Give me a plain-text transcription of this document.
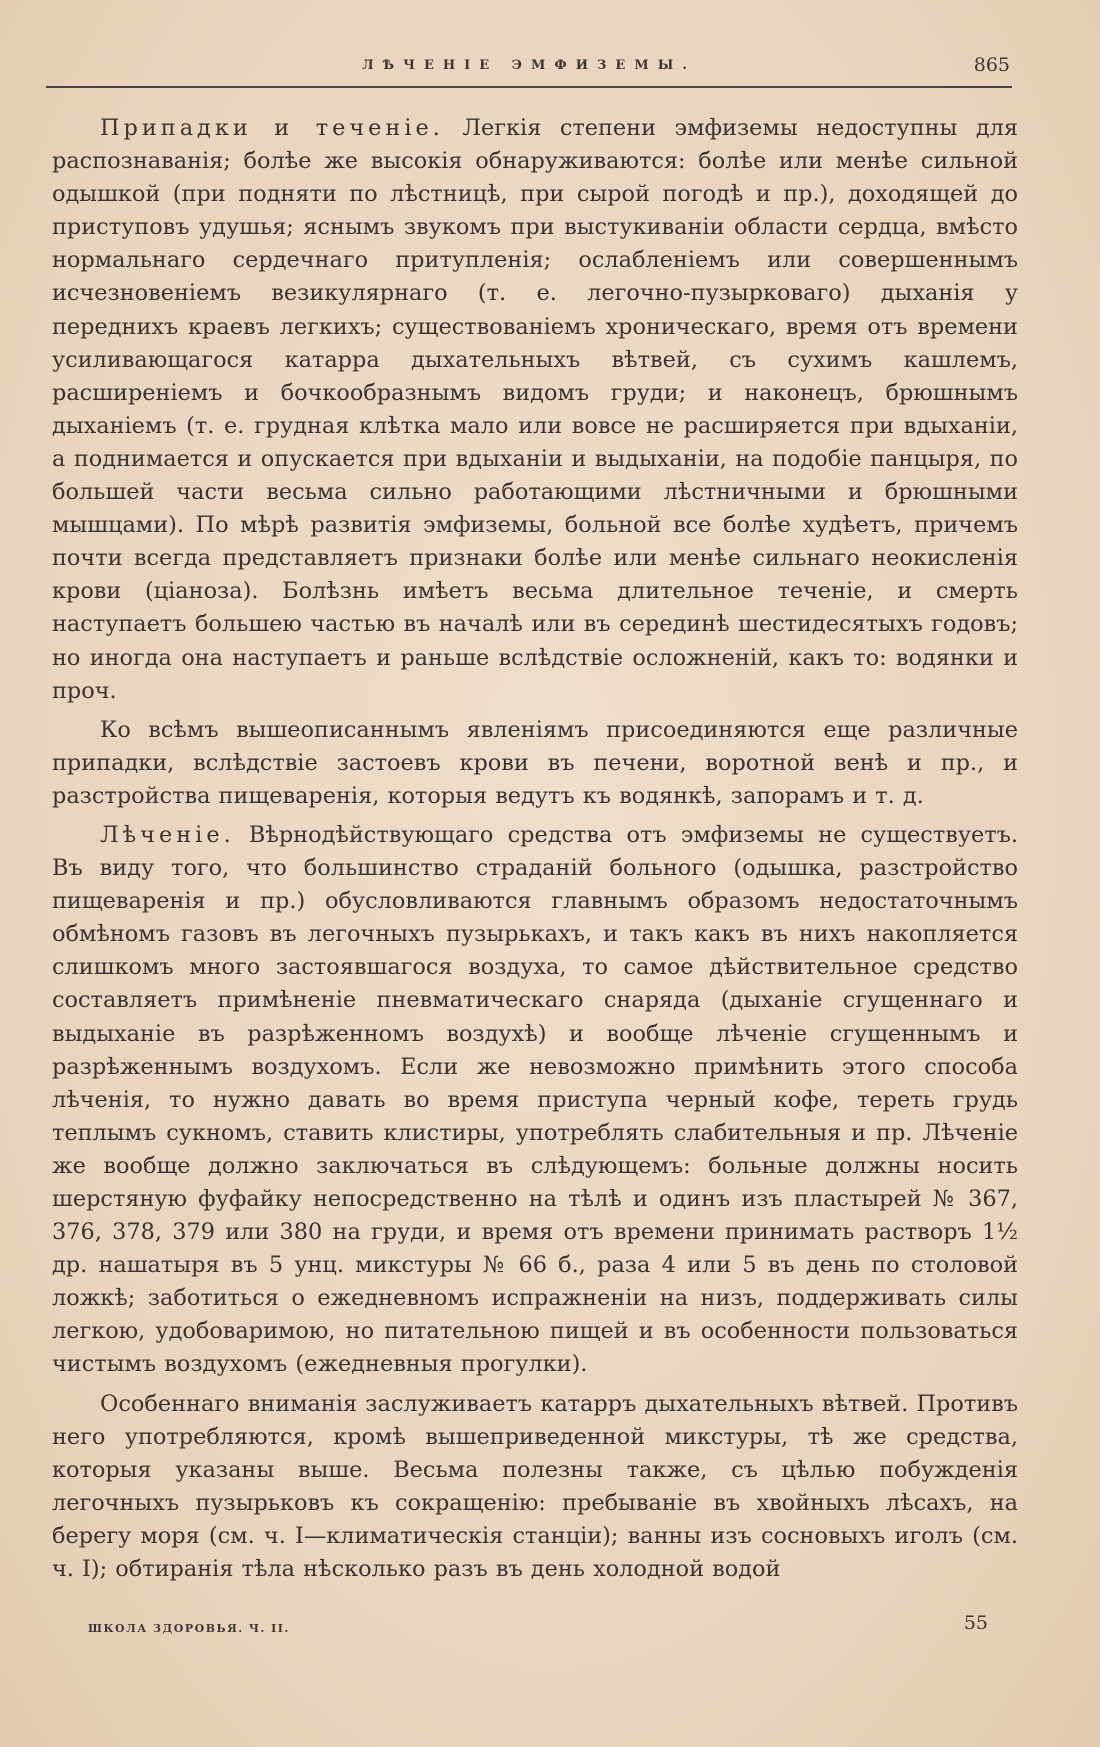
ЛѢЧЕНІЕ ЭМФИЗЕМЫ.	865

Припадки и теченіе. Легкія степени эмфиземы недоступны для распознаванія; болѣе же высокія обнаруживаются: болѣе или менѣе сильной одышкой (при подняти по лѣстницѣ, при сырой погодѣ и пр.), доходящей до приступовъ удушья; яснымъ звукомъ при выстукиваніи области сердца, вмѣсто нормальнаго сердечнаго притупленія; ослабленіемъ или совершеннымъ исчезновеніемъ везикулярнаго (т. е. легочно-пузырковаго) дыханія у переднихъ краевъ легкихъ; существованіемъ хроническаго, время отъ времени усиливающагося катарра дыхательныхъ вѣтвей, съ сухимъ кашлемъ, расширеніемъ и бочкообразнымъ видомъ груди; и наконецъ, брюшнымъ дыханіемъ (т. е. грудная клѣтка мало или вовсе не расширяется при вдыханіи, а поднимается и опускается при вдыханіи и выдыханіи, на подобіе панцыря, по большей части весьма сильно работающими лѣстничными и брюшными мышцами). По мѣрѣ развитія эмфиземы, больной все болѣе худѣетъ, причемъ почти всегда представляетъ признаки болѣе или менѣе сильнаго неокисленія крови (ціаноза). Болѣзнь имѣетъ весьма длительное теченіе, и смерть наступаетъ большею частью въ началѣ или въ серединѣ шестидесятыхъ годовъ; но иногда она наступаетъ и раньше вслѣдствіе осложненій, какъ то: водянки и проч.

Ко всѣмъ вышеописаннымъ явленіямъ присоединяются еще различные припадки, вслѣдствіе застоевъ крови въ печени, воротной венѣ и пр., и разстройства пищеваренія, которыя ведутъ къ водянкѣ, запорамъ и т. д.

Лѣченіе. Вѣрнодѣйствующаго средства отъ эмфиземы не существуетъ. Въ виду того, что большинство страданій больного (одышка, разстройство пищеваренія и пр.) обусловливаются главнымъ образомъ недостаточнымъ обмѣномъ газовъ въ легочныхъ пузырькахъ, и такъ какъ въ нихъ накопляется слишкомъ много застоявшагося воздуха, то самое дѣйствительное средство составляетъ примѣненіе пневматическаго снаряда (дыханіе сгущеннаго и выдыханіе въ разрѣженномъ воздухѣ) и вообще лѣченіе сгущеннымъ и разрѣженнымъ воздухомъ. Если же невозможно примѣнить этого способа лѣченія, то нужно давать во время приступа черный кофе, тереть грудь теплымъ сукномъ, ставить клистиры, употреблять слабительныя и пр. Лѣченіе же вообще должно заключаться въ слѣдующемъ: больные должны носить шерстяную фуфайку непосредственно на тѣлѣ и одинъ изъ пластырей № 367, 376, 378, 379 или 380 на груди, и время отъ времени принимать растворъ 1½ др. нашатыря въ 5 унц. микстуры № 66 б., раза 4 или 5 въ день по столовой ложкѣ; заботиться о ежедневномъ испражненіи на низъ, поддерживать силы легкою, удобоваримою, но питательною пищей и въ особенности пользоваться чистымъ воздухомъ (ежедневныя прогулки).

Особеннаго вниманія заслуживаетъ катарръ дыхательныхъ вѣтвей. Противъ него употребляются, кромѣ вышеприведенной микстуры, тѣ же средства, которыя указаны выше. Весьма полезны также, съ цѣлью побужденія легочныхъ пузырьковъ къ сокращенію: пребываніе въ хвойныхъ лѣсахъ, на берегу моря (см. ч. I—климатическія станціи); ванны изъ сосновыхъ иголъ (см. ч. I); обтиранія тѣла нѣсколько разъ въ день холодной водой

ШКОЛА ЗДОРОВЬЯ. Ч. II.	55
